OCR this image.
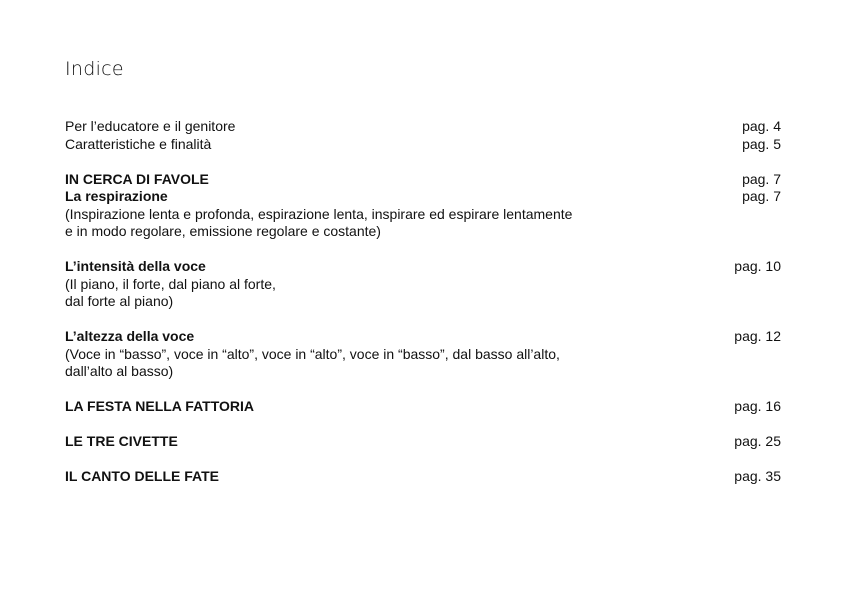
Indice
Per l’educatore e il genitore	pag. 4
Caratteristiche e finalità	pag. 5
IN CERCA DI FAVOLE	pag. 7
La respirazione	pag. 7
(Inspirazione lenta e profonda, espirazione lenta, inspirare ed espirare lentamente
e in modo regolare, emissione regolare e costante)
L’intensità della voce	pag. 10
(Il piano, il forte, dal piano al forte,
dal forte al piano)
L’altezza della voce	pag. 12
(Voce in “basso”, voce in “alto”, voce in “alto”, voce in “basso”, dal basso all’alto,
dall’alto al basso)
LA FESTA NELLA FATTORIA	pag. 16
LE TRE CIVETTE	pag. 25
IL CANTO DELLE FATE	pag. 35
